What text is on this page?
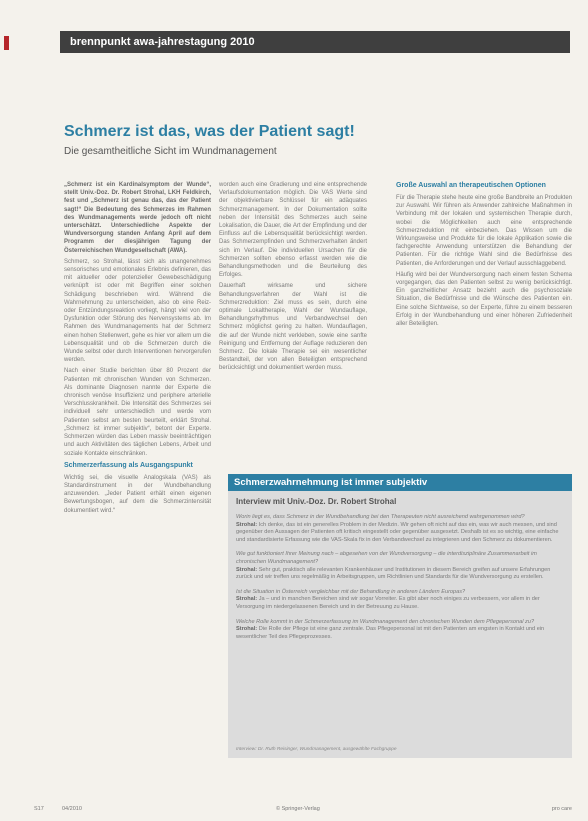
brennpunkt awa-jahrestagung 2010
Schmerz ist das, was der Patient sagt!
Die gesamtheitliche Sicht im Wundmanagement

„Schmerz ist ein Kardinalsymptom der Wunde“, stellt Univ.-Doz. Dr. Robert Strohal, LKH Feldkirch, fest und „Schmerz ist genau das, das der Patient sagt!“ Die Bedeutung des Schmerzes im Rahmen des Wundmanagements werde jedoch oft nicht unterschätzt. Unterschiedliche Aspekte der Wundversorgung standen Anfang April auf dem Programm der diesjährigen Tagung der Österreichischen Wundgesellschaft (AWA).

Schmerz, so Strohal, lässt sich als unangenehmes sensorisches und emotionales Erlebnis definieren, das mit aktueller oder potenzieller Gewebeschädigung verknüpft ist oder mit Begriffen einer solchen Schädigung beschrieben wird. Während die Wahrnehmung zu unterscheiden, also ob eine Reiz- oder Entzündungsreaktion vorliegt, hängt viel von der Dysfunktion oder Störung des Nervensystems ab. Im Rahmen des Wundmanagements hat der Schmerz einen hohen Stellenwert, gehe es hier vor allem um die Lebensqualität und ob die Schmerzen durch die Wunde selbst oder durch Interventionen hervorgerufen werden.

Nach einer Studie berichten über 80 Prozent der Patienten mit chronischen Wunden von Schmerzen. Als dominante Diagnosen nannte der Experte die chronisch venöse Insuffizienz und periphere arterielle Verschlusskrankheit. Die Intensität des Schmerzes sei individuell sehr unterschiedlich und werde vom Patienten selbst am besten beurteilt, erklärt Strohal. „Schmerz ist immer subjektiv“, betont der Experte. Schmerzen würden das Leben massiv beeinträchtigen und auch Aktivitäten des täglichen Lebens, Arbeit und soziale Kontakte einschränken.

Schmerzerfassung als Ausgangspunkt

Wichtig sei, die visuelle Analogskala (VAS) als Standardinstrument in der Wundbehandlung anzuwenden. „Jeder Patient erhält einen eigenen Bewertungsbogen, auf dem die Schmerzintensität dokumentiert wird.“

worden auch eine Gradierung und eine entsprechende Verlaufsdokumentation möglich. Die VAS Werte sind der objektivierbare Schlüssel für ein adäquates Schmerzmanagement. In der Dokumentation sollte neben der Intensität des Schmerzes auch seine Lokalisation, die Dauer, die Art der Empfindung und der Einfluss auf die Lebensqualität berücksichtigt werden. Das Schmerzempfinden und Schmerzverhalten ändert sich im Verlauf. Die individuellen Ursachen für die Schmerzen sollten ebenso erfasst werden wie die Behandlungsmethoden und die Beurteilung des Erfolges.

Dauerhaft wirksame und sichere Behandlungsverfahren der Wahl ist die Schmerzreduktion: Ziel muss es sein, durch eine optimale Lokaltherapie, Wahl der Wundauflage, Behandlungsrhythmus und Verbandwechsel den Schmerz möglichst gering zu halten. Wundauflagen, die auf der Wunde nicht verkleben, sowie eine sanfte Reinigung und Entfernung der Auflage reduzieren den Schmerz. Die lokale Therapie sei ein wesentlicher Bestandteil, der von allen Beteiligten entsprechend berücksichtigt und dokumentiert werden muss.

Große Auswahl an therapeutischen Optionen

Für die Therapie stehe heute eine große Bandbreite an Produkten zur Auswahl. Wir führen als Anwender zahlreiche Maßnahmen in Verbindung mit der lokalen und systemischen Therapie durch, wobei die Möglichkeiten auch eine entsprechende Schmerzreduktion mit einbeziehen. Das Wissen um die Wirkungsweise und Produkte für die lokale Applikation sowie die fachgerechte Anwendung unterstützen die Behandlung der Patienten. Für die richtige Wahl sind die Bedürfnisse des Patienten, die Anforderungen und der Verlauf ausschlaggebend.

Häufig wird bei der Wundversorgung nach einem festen Schema vorgegangen, das den Patienten selbst zu wenig berücksichtigt. Ein ganzheitlicher Ansatz bezieht auch die psychosoziale Situation, die Bedürfnisse und die Wünsche des Patienten ein. Eine solche Sichtweise, so der Experte, führe zu einem besseren Erfolg in der Wundbehandlung und einer höheren Zufriedenheit aller Beteiligten.

Schmerzwahrnehmung ist immer subjektiv
Interview mit Univ.-Doz. Dr. Robert Strohal
Worin liegt es, dass Schmerz in der Wundbehandlung bei den Therapeuten nicht ausreichend wahrgenommen wird?
Strohal: Ich denke, das ist ein generelles Problem in der Medizin. Wir gehen oft nicht auf das ein, was wir auch messen, und sind gegenüber den Aussagen der Patienten oft kritisch eingestellt oder gegenüber ausgesetzt. Deshalb ist es so wichtig, eine einfache und standardisierte Erfassung wie die VAS-Skala fix in den Verbandwechsel zu integrieren und den Schmerz zu dokumentieren.
Wie gut funktioniert Ihrer Meinung nach – abgesehen von der Wundversorgung – die interdisziplinäre Zusammenarbeit im chronischen Wundmanagement?
Strohal: Sehr gut, praktisch alle relevanten Krankenhäuser und Institutionen in diesem Bereich greifen auf unsere Erfahrungen zurück und wir treffen uns regelmäßig in Arbeitsgruppen, um Richtlinien und Standards für die Wundversorgung zu erstellen.
Ist die Situation in Österreich vergleichbar mit der Behandlung in anderen Ländern Europas?
Strohal: Ja – und in manchen Bereichen sind wir sogar Vorreiter. Es gibt aber noch einiges zu verbessern, vor allem in der Versorgung im niedergelassenen Bereich und in der Betreuung zu Hause.
Welche Rolle kommt in der Schmerzerfassung im Wundmanagement den chronischen Wunden dem Pflegepersonal zu?
Strohal: Die Rolle der Pflege ist eine ganz zentrale. Das Pflegepersonal ist mit den Patienten am engsten in Kontakt und ein wesentlicher Teil des Pflegeprozesses.
Interview: Dr. Ruth Reisinger, Wundmanagement, ausgewählte Fachgruppe
S17	04/2010	© Springer-Verlag	pro care
